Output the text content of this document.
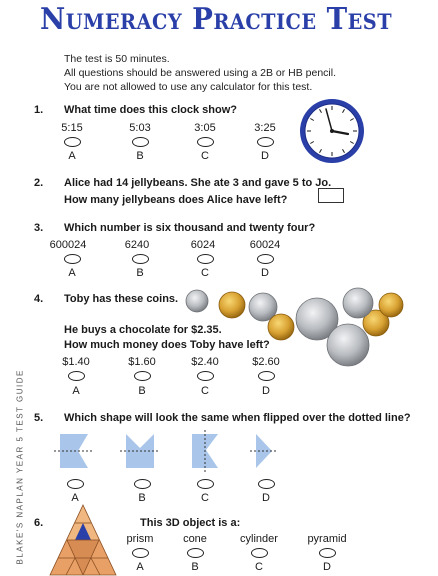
Numeracy Practice Test
The test is 50 minutes.
All questions should be answered using a 2B or HB pencil.
You are not allowed to use any calculator for this test.
BLAKE'S NAPLAN YEAR 5 TEST GUIDE
1. What time does this clock show?
5:15	5:03	3:05	3:25
A	B	C	D
2. Alice had 14 jellybeans. She ate 3 and gave 5 to Jo.
How many jellybeans does Alice have left?
3. Which number is six thousand and twenty four?
600024	6240	6024	60024
A	B	C	D
4. Toby has these coins.
He buys a chocolate for $2.35.
How much money does Toby have left?
$1.40	$1.60	$2.40	$2.60
A	B	C	D
5. Which shape will look the same when flipped over the dotted line?
A	B	C	D
6.	This 3D object is a:
prism	cone	cylinder	pyramid
A	B	C	D
